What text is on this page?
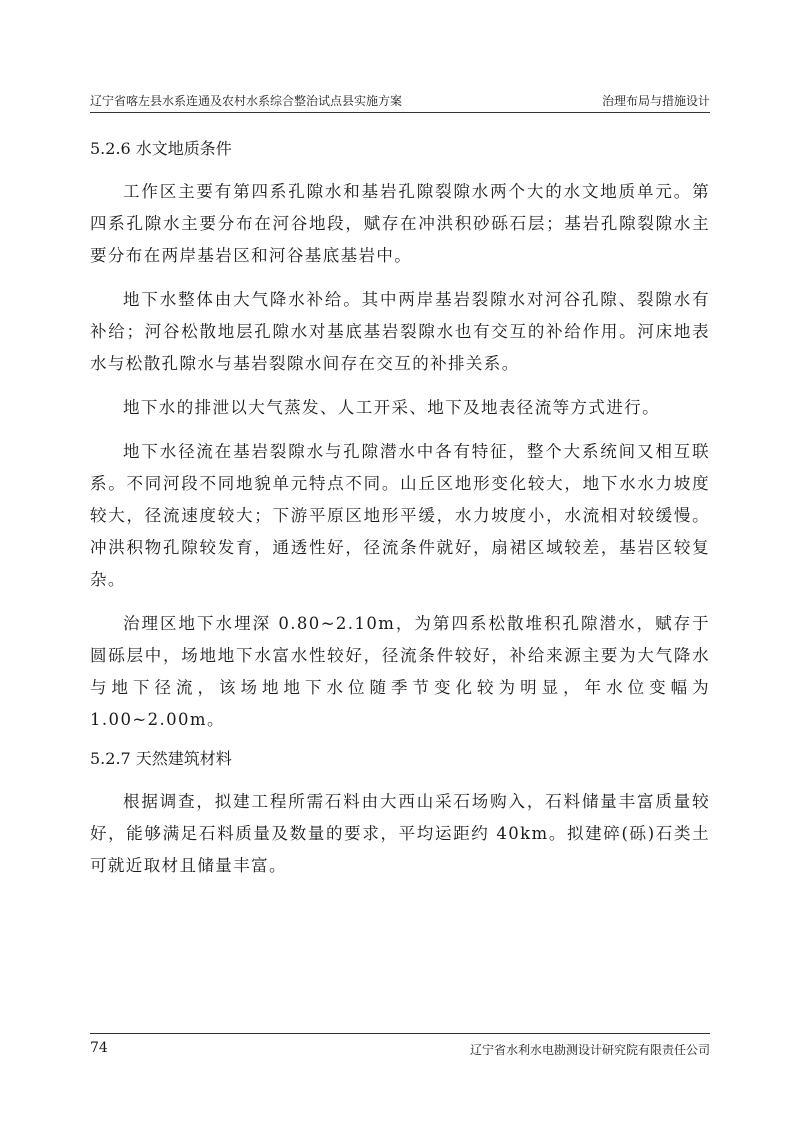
辽宁省喀左县水系连通及农村水系综合整治试点县实施方案	治理布局与措施设计
5.2.6 水文地质条件

工作区主要有第四系孔隙水和基岩孔隙裂隙水两个大的水文地质单元。第四系孔隙水主要分布在河谷地段，赋存在冲洪积砂砾石层；基岩孔隙裂隙水主要分布在两岸基岩区和河谷基底基岩中。

地下水整体由大气降水补给。其中两岸基岩裂隙水对河谷孔隙、裂隙水有补给；河谷松散地层孔隙水对基底基岩裂隙水也有交互的补给作用。河床地表水与松散孔隙水与基岩裂隙水间存在交互的补排关系。

地下水的排泄以大气蒸发、人工开采、地下及地表径流等方式进行。

地下水径流在基岩裂隙水与孔隙潜水中各有特征，整个大系统间又相互联系。不同河段不同地貌单元特点不同。山丘区地形变化较大，地下水水力坡度较大，径流速度较大；下游平原区地形平缓，水力坡度小，水流相对较缓慢。冲洪积物孔隙较发育，通透性好，径流条件就好，扇裙区域较差，基岩区较复杂。

治理区地下水埋深 0.80~2.10m，为第四系松散堆积孔隙潜水，赋存于圆砾层中，场地地下水富水性较好，径流条件较好，补给来源主要为大气降水与地下径流，该场地地下水位随季节变化较为明显，年水位变幅为1.00~2.00m。

5.2.7 天然建筑材料

根据调查，拟建工程所需石料由大西山采石场购入，石料储量丰富质量较好，能够满足石料质量及数量的要求，平均运距约 40km。拟建碎(砾)石类土可就近取材且储量丰富。

74	辽宁省水利水电勘测设计研究院有限责任公司
